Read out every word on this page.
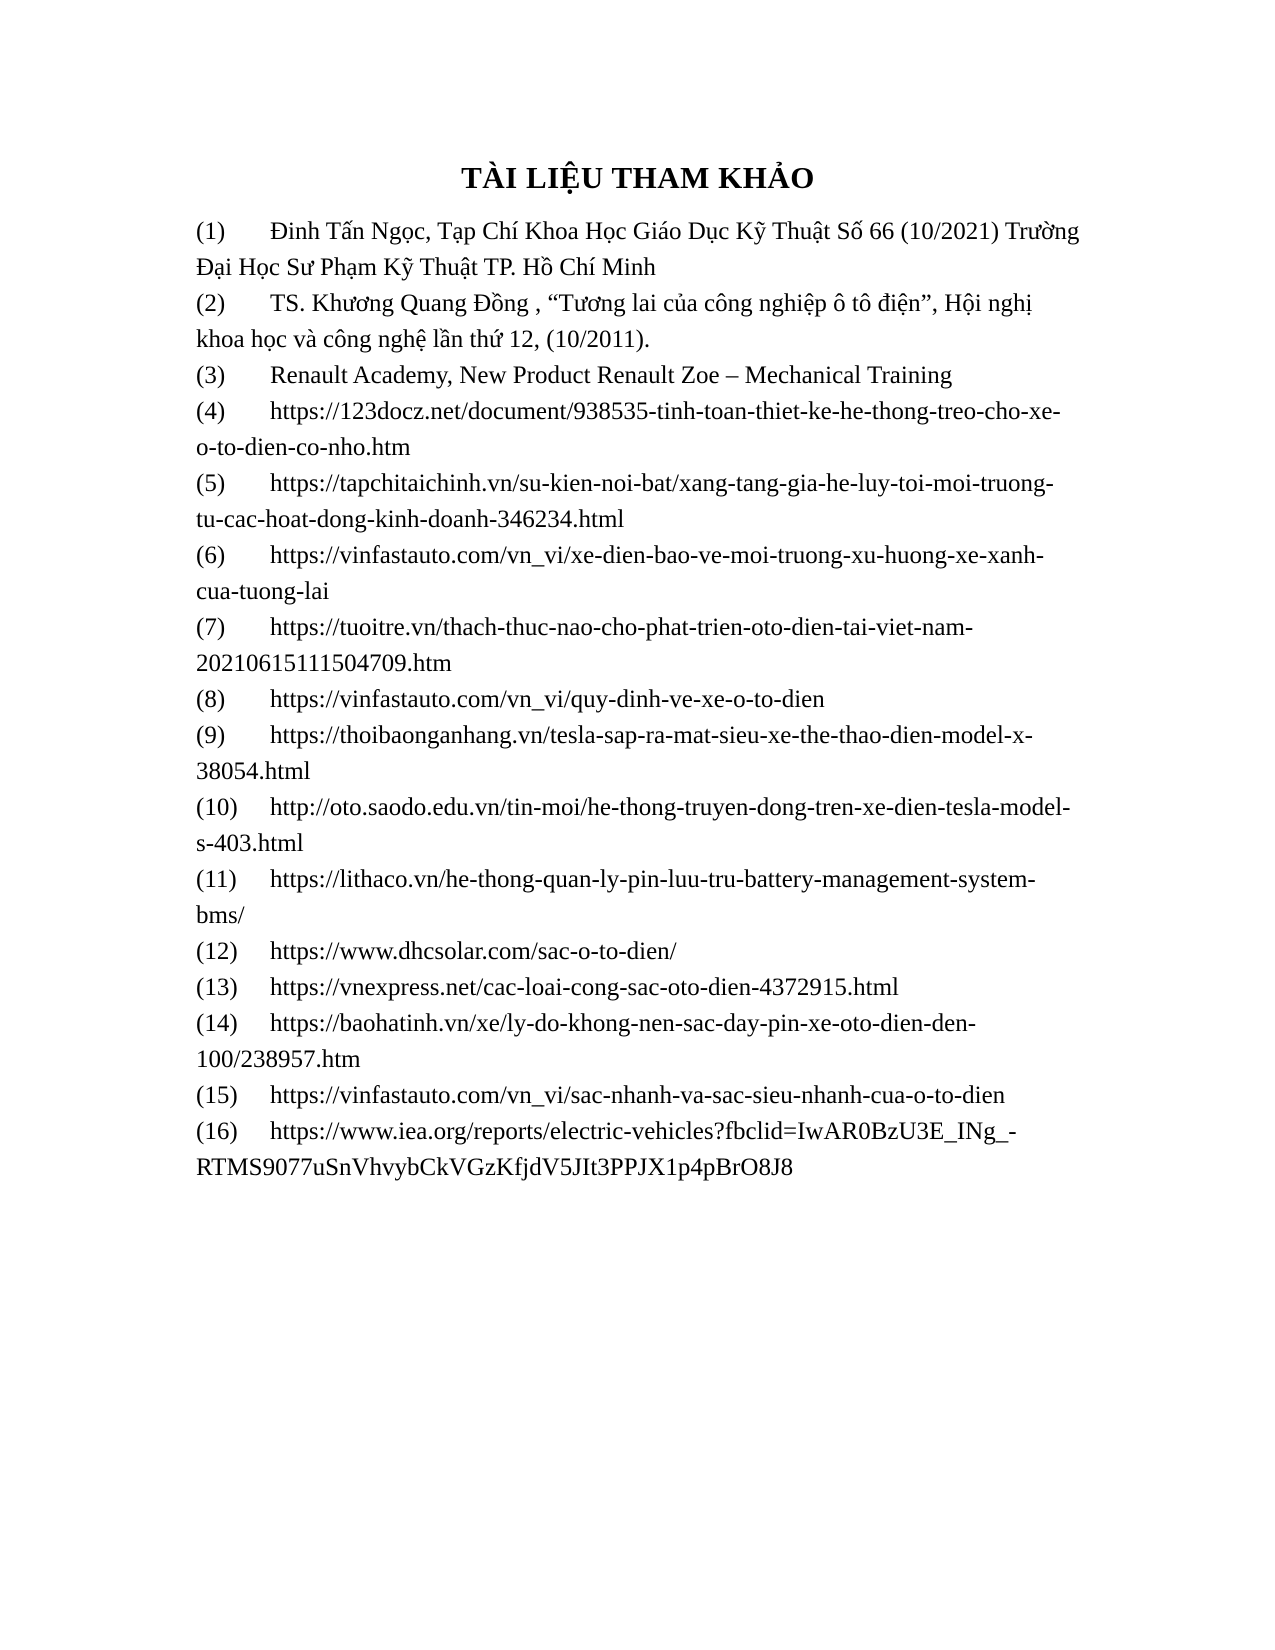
TÀI LIỆU THAM KHẢO

(1) Đinh Tấn Ngọc, Tạp Chí Khoa Học Giáo Dục Kỹ Thuật Số 66 (10/2021) Trường Đại Học Sư Phạm Kỹ Thuật TP. Hồ Chí Minh

(2) TS. Khương Quang Đồng , “Tương lai của công nghiệp ô tô điện”, Hội nghị khoa học và công nghệ lần thứ 12, (10/2011).

(3) Renault Academy, New Product Renault Zoe – Mechanical Training

(4) https://123docz.net/document/938535-tinh-toan-thiet-ke-he-thong-treo-cho-xe-o-to-dien-co-nho.htm

(5) https://tapchitaichinh.vn/su-kien-noi-bat/xang-tang-gia-he-luy-toi-moi-truong-tu-cac-hoat-dong-kinh-doanh-346234.html

(6) https://vinfastauto.com/vn_vi/xe-dien-bao-ve-moi-truong-xu-huong-xe-xanh-cua-tuong-lai

(7) https://tuoitre.vn/thach-thuc-nao-cho-phat-trien-oto-dien-tai-viet-nam-20210615111504709.htm

(8) https://vinfastauto.com/vn_vi/quy-dinh-ve-xe-o-to-dien

(9) https://thoibaonganhang.vn/tesla-sap-ra-mat-sieu-xe-the-thao-dien-model-x-38054.html

(10) http://oto.saodo.edu.vn/tin-moi/he-thong-truyen-dong-tren-xe-dien-tesla-model-s-403.html

(11) https://lithaco.vn/he-thong-quan-ly-pin-luu-tru-battery-management-system-bms/

(12) https://www.dhcsolar.com/sac-o-to-dien/

(13) https://vnexpress.net/cac-loai-cong-sac-oto-dien-4372915.html

(14) https://baohatinh.vn/xe/ly-do-khong-nen-sac-day-pin-xe-oto-dien-den-100/238957.htm

(15) https://vinfastauto.com/vn_vi/sac-nhanh-va-sac-sieu-nhanh-cua-o-to-dien

(16) https://www.iea.org/reports/electric-vehicles?fbclid=IwAR0BzU3E_INg_-RTMS9077uSnVhvybCkVGzKfjdV5JIt3PPJX1p4pBrO8J8
